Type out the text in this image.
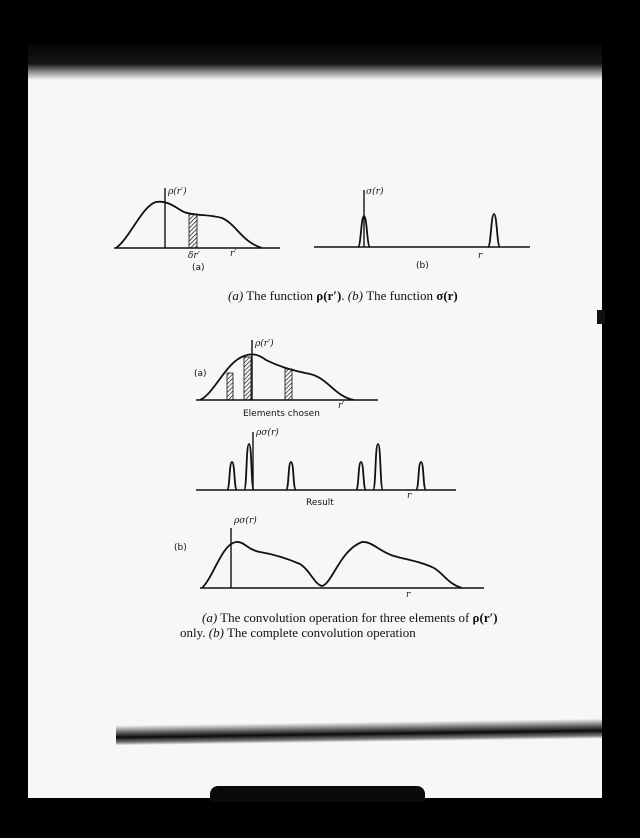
ρ(r′)
δr′	r′
(a)
σ(r)
r
(b)
(a) The function ρ(r′). (b) The function σ(r)
(a)
ρ(r′)
r′
Elements chosen
ρσ(r)
r
Result
(b)
ρσ(r)
r
(a) The convolution operation for three elements of ρ(r′)
only. (b) The complete convolution operation
